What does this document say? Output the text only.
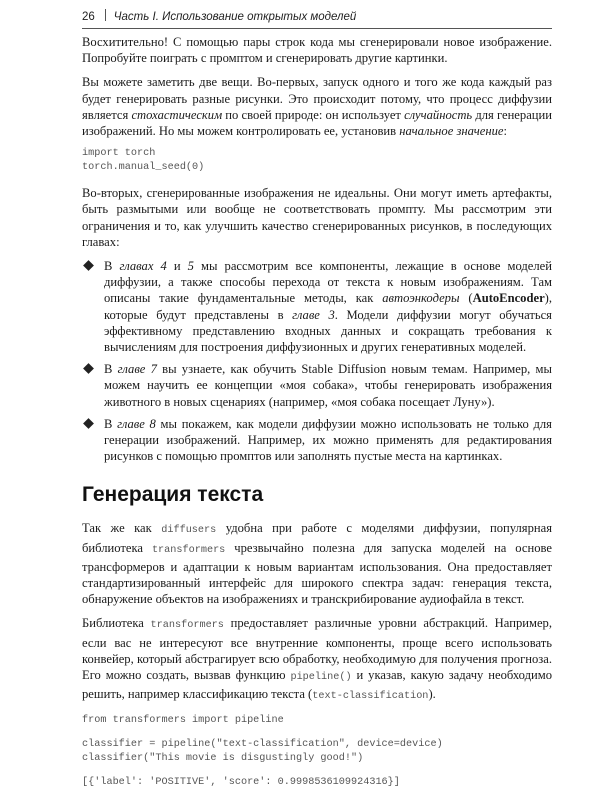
26 Часть I. Использование открытых моделей

Восхитительно! С помощью пары строк кода мы сгенерировали новое изображение. Попробуйте поиграть с промптом и сгенерировать другие картинки.

Вы можете заметить две вещи. Во-первых, запуск одного и того же кода каждый раз будет генерировать разные рисунки. Это происходит потому, что процесс диффузии является стохастическим по своей природе: он использует случайность для генерации изображений. Но мы можем контролировать ее, установив начальное значение:

import torch
torch.manual_seed(0)

Во-вторых, сгенерированные изображения не идеальны. Они могут иметь артефакты, быть размытыми или вообще не соответствовать промпту. Мы рассмотрим эти ограничения и то, как улучшить качество сгенерированных рисунков, в последующих главах:

В главах 4 и 5 мы рассмотрим все компоненты, лежащие в основе моделей диффузии, а также способы перехода от текста к новым изображениям. Там описаны такие фундаментальные методы, как автоэнкодеры (AutoEncoder), которые будут представлены в главе 3. Модели диффузии могут обучаться эффективному представлению входных данных и сокращать требования к вычислениям для построения диффузионных и других генеративных моделей.
В главе 7 вы узнаете, как обучить Stable Diffusion новым темам. Например, мы можем научить ее концепции «моя собака», чтобы генерировать изображения животного в новых сценариях (например, «моя собака посещает Луну»).
В главе 8 мы покажем, как модели диффузии можно использовать не только для генерации изображений. Например, их можно применять для редактирования рисунков с помощью промптов или заполнять пустые места на картинках.
Генерация текста

Так же как diffusers удобна при работе с моделями диффузии, популярная библиотека transformers чрезвычайно полезна для запуска моделей на основе трансформеров и адаптации к новым вариантам использования. Она предоставляет стандартизированный интерфейс для широкого спектра задач: генерация текста, обнаружение объектов на изображениях и транскрибирование аудиофайла в текст.

Библиотека transformers предоставляет различные уровни абстракций. Например, если вас не интересуют все внутренние компоненты, проще всего использовать конвейер, который абстрагирует всю обработку, необходимую для получения прогноза. Его можно создать, вызвав функцию pipeline() и указав, какую задачу необходимо решить, например классификацию текста (text-classification).

from transformers import pipeline
classifier = pipeline("text-classification", device=device)
classifier("This movie is disgustingly good!")
[{'label': 'POSITIVE', 'score': 0.9998536109924316}]
